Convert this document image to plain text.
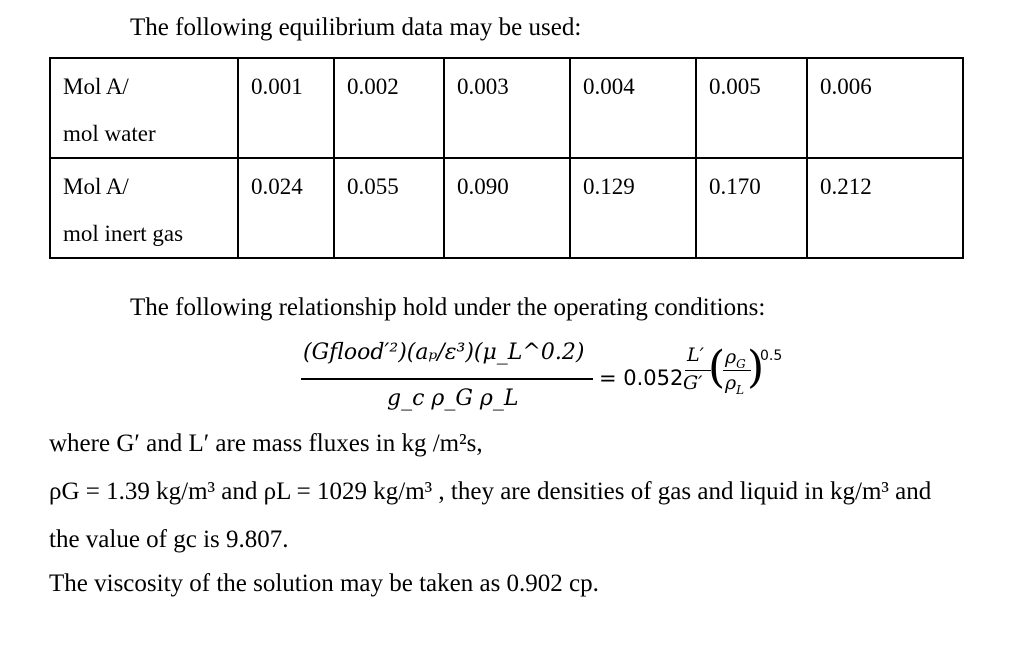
The following equilibrium data may be used:
Mol A/
mol water	0.001	0.002	0.003	0.004	0.005	0.006

Mol A/
mol inert gas	0.024	0.055	0.090	0.129	0.170	0.212
The following relationship hold under the operating conditions:
(Gflood′²)(aₚ/ε³)(μ_L^0.2)
g_c ρ_G ρ_L
= 0.052
L′
G′ ( $\rho_G$
$\rho_L$ )
0.5
where G′ and L′ are mass fluxes in kg /m²s,
ρG = 1.39 kg/m³ and ρL = 1029 kg/m³ , they are densities of gas and liquid in kg/m³ and
the value of gc is 9.807.
The viscosity of the solution may be taken as 0.902 cp.
